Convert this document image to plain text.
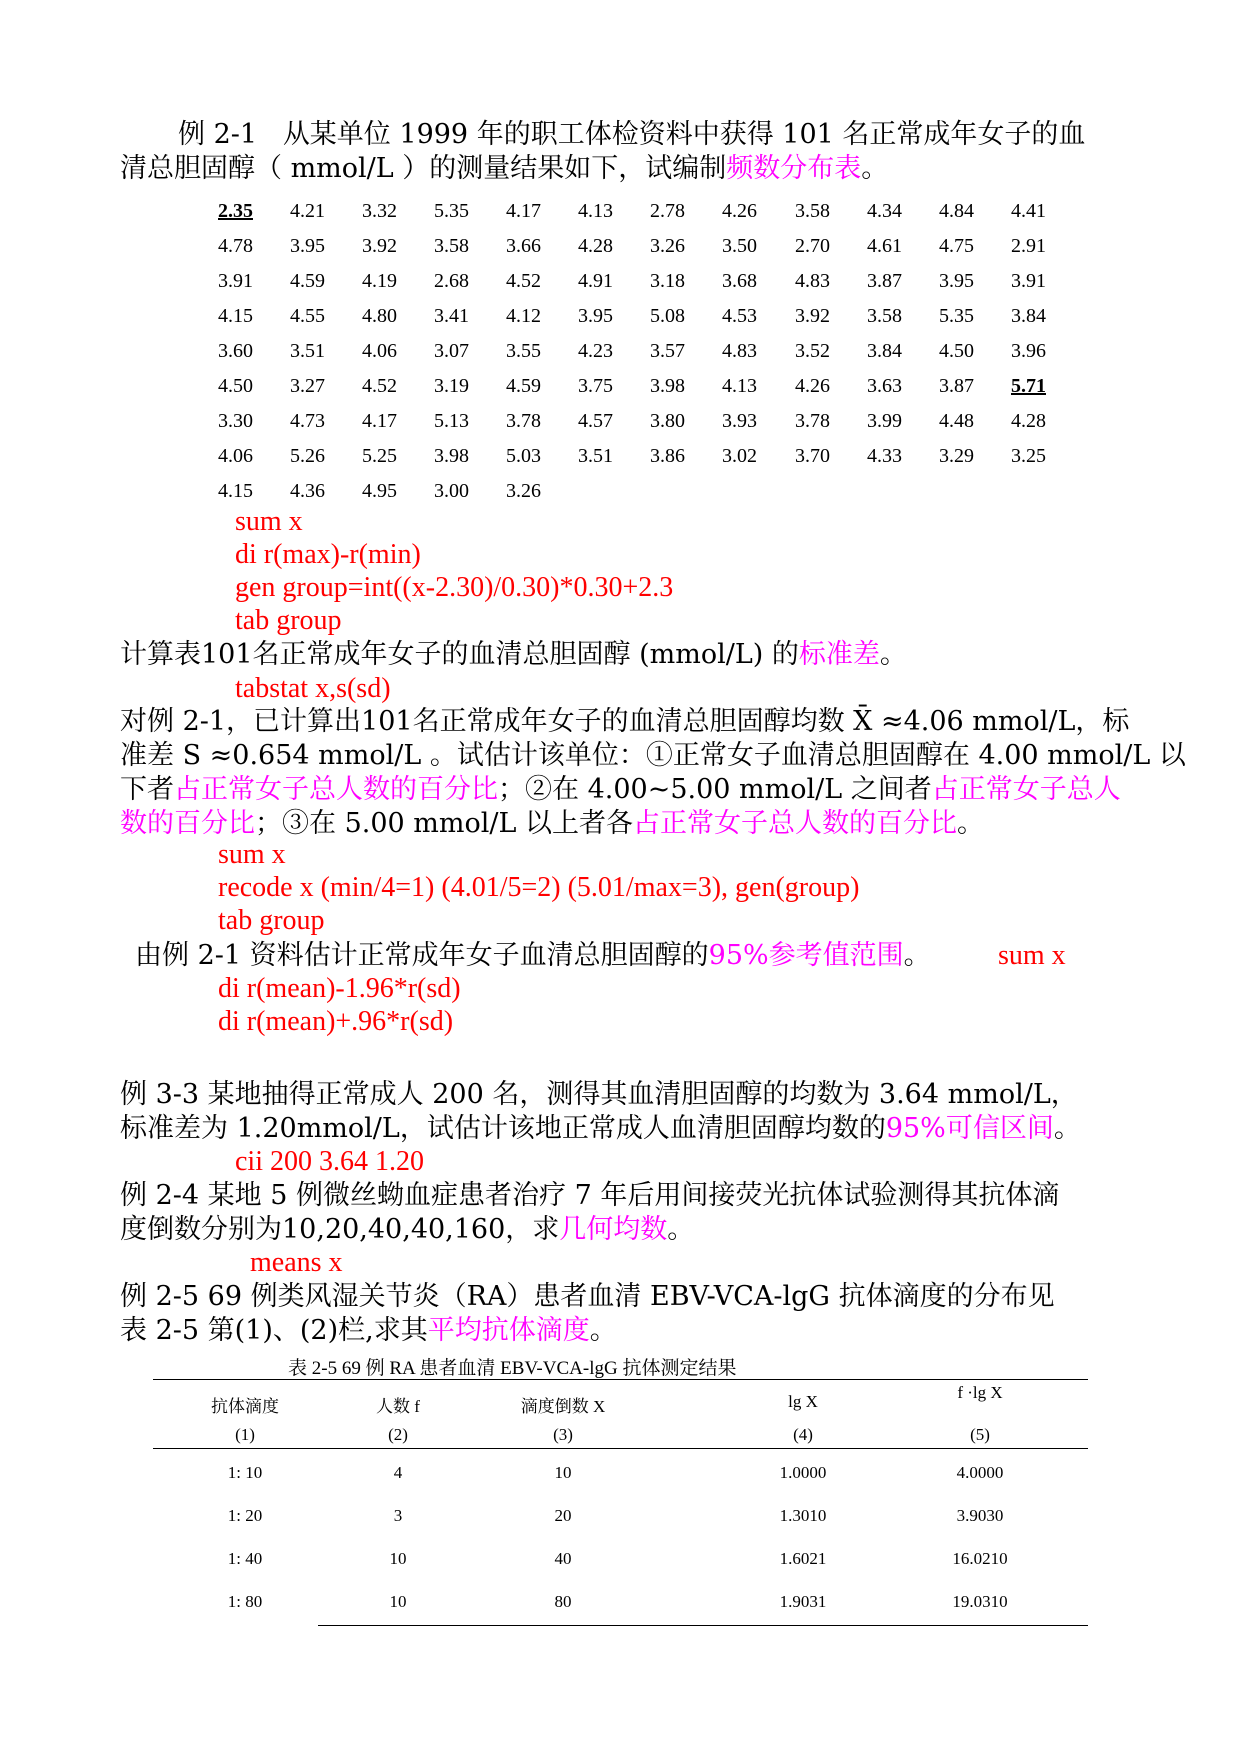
例 2-1 从某单位 1999 年的职工体检资料中获得 101 名正常成年女子的血
清总胆固醇（ mmol/L ）的测量结果如下，试编制频数分布表。
2.35 4.21 3.32 5.35 4.17 4.13 2.78 4.26 3.58 4.34 4.84 4.41
4.78 3.95 3.92 3.58 3.66 4.28 3.26 3.50 2.70 4.61 4.75 2.91
3.91 4.59 4.19 2.68 4.52 4.91 3.18 3.68 4.83 3.87 3.95 3.91
4.15 4.55 4.80 3.41 4.12 3.95 5.08 4.53 3.92 3.58 5.35 3.84
3.60 3.51 4.06 3.07 3.55 4.23 3.57 4.83 3.52 3.84 4.50 3.96
4.50 3.27 4.52 3.19 4.59 3.75 3.98 4.13 4.26 3.63 3.87 5.71
3.30 4.73 4.17 5.13 3.78 4.57 3.80 3.93 3.78 3.99 4.48 4.28
4.06 5.26 5.25 3.98 5.03 3.51 3.86 3.02 3.70 4.33 3.29 3.25
4.15 4.36 4.95 3.00 3.26
sum x
di r(max)-r(min)
gen group=int((x-2.30)/0.30)*0.30+2.3
tab group
计算表101名正常成年女子的血清总胆固醇 (mmol/L) 的标准差。
tabstat x,s(sd)
对例 2-1，已计算出101名正常成年女子的血清总胆固醇均数 X̄ ≈4.06 mmol/L，标
准差 S ≈0.654 mmol/L 。试估计该单位：①正常女子血清总胆固醇在 4.00 mmol/L 以
下者占正常女子总人数的百分比；②在 4.00~5.00 mmol/L 之间者占正常女子总人
数的百分比；③在 5.00 mmol/L 以上者各占正常女子总人数的百分比。
sum x
recode x (min/4=1) (4.01/5=2) (5.01/max=3), gen(group)
tab group
由例 2-1 资料估计正常成年女子血清总胆固醇的95%参考值范围。 sum x
di r(mean)-1.96*r(sd)
di r(mean)+.96*r(sd)
例 3-3 某地抽得正常成人 200 名，测得其血清胆固醇的均数为 3.64 mmol/L，
标准差为 1.20mmol/L，试估计该地正常成人血清胆固醇均数的95%可信区间。
cii 200 3.64 1.20
例 2-4 某地 5 例微丝蚴血症患者治疗 7 年后用间接荧光抗体试验测得其抗体滴
度倒数分别为10,20,40,40,160，求几何均数。
means x
例 2-5 69 例类风湿关节炎（RA）患者血清 EBV-VCA-lgG 抗体滴度的分布见
表 2-5 第(1)、(2)栏,求其平均抗体滴度。
表 2-5 69 例 RA 患者血清 EBV-VCA-lgG 抗体测定结果
抗体滴度	人数 f	滴度倒数 X	lg X	f ·lg X
(1)	(2)	(3)	(4)	(5)
1: 10	4	10	1.0000	4.0000
1: 20	3	20	1.3010	3.9030
1: 40	10	40	1.6021	16.0210
1: 80	10	80	1.9031	19.0310
